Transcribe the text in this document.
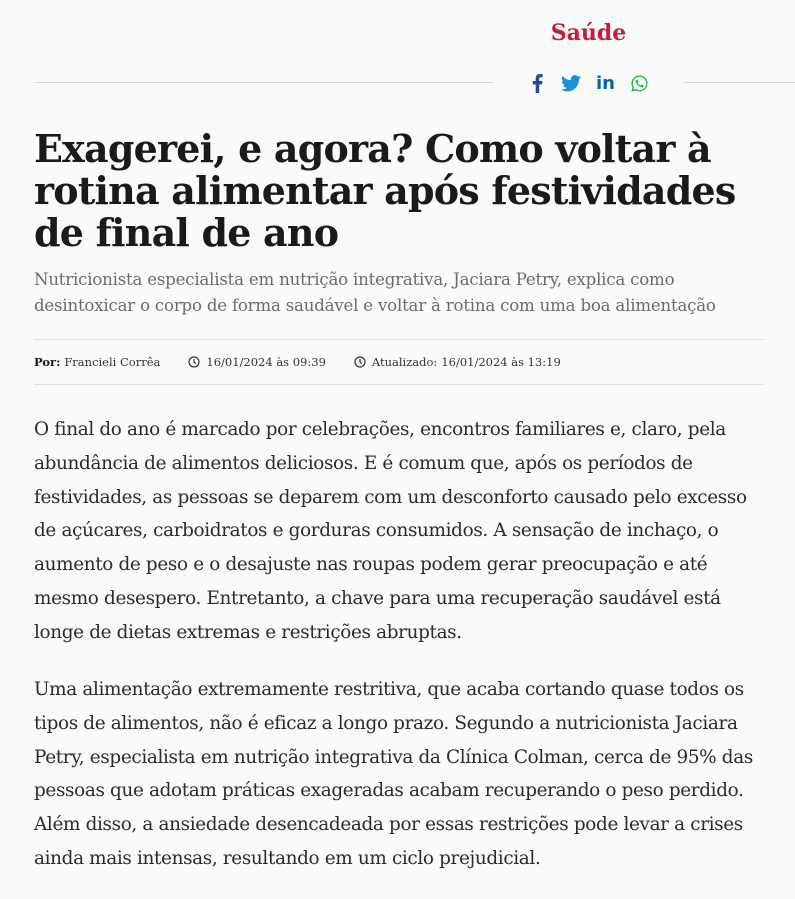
Saúde
in
Exagerei, e agora? Como voltar à rotina alimentar após festividades de final de ano

Nutricionista especialista em nutrição integrativa, Jaciara Petry, explica como desintoxicar o corpo de forma saudável e voltar à rotina com uma boa alimentação

Por: Francieli Corrêa	16/01/2024 às 09:39	Atualizado: 16/01/2024 às 13:19

O final do ano é marcado por celebrações, encontros familiares e, claro, pela abundância de alimentos deliciosos. E é comum que, após os períodos de festividades, as pessoas se deparem com um desconforto causado pelo excesso de açúcares, carboidratos e gorduras consumidos. A sensação de inchaço, o aumento de peso e o desajuste nas roupas podem gerar preocupação e até mesmo desespero. Entretanto, a chave para uma recuperação saudável está longe de dietas extremas e restrições abruptas.

Uma alimentação extremamente restritiva, que acaba cortando quase todos os tipos de alimentos, não é eficaz a longo prazo. Segundo a nutricionista Jaciara Petry, especialista em nutrição integrativa da Clínica Colman, cerca de 95% das pessoas que adotam práticas exageradas acabam recuperando o peso perdido. Além disso, a ansiedade desencadeada por essas restrições pode levar a crises ainda mais intensas, resultando em um ciclo prejudicial.
